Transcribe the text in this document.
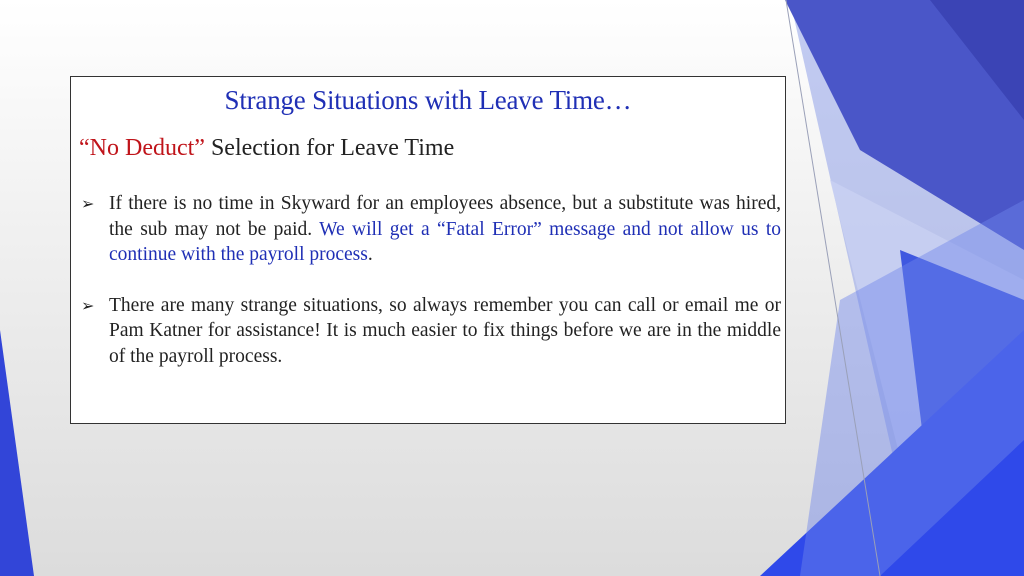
Strange Situations with Leave Time…
“No Deduct” Selection for Leave Time
➢ If there is no time in Skyward for an employees absence, but a substitute was hired, the sub may not be paid. We will get a “Fatal Error” message and not allow us to continue with the payroll process.
➢ There are many strange situations, so always remember you can call or email me or Pam Katner for assistance! It is much easier to fix things before we are in the middle of the payroll process.
